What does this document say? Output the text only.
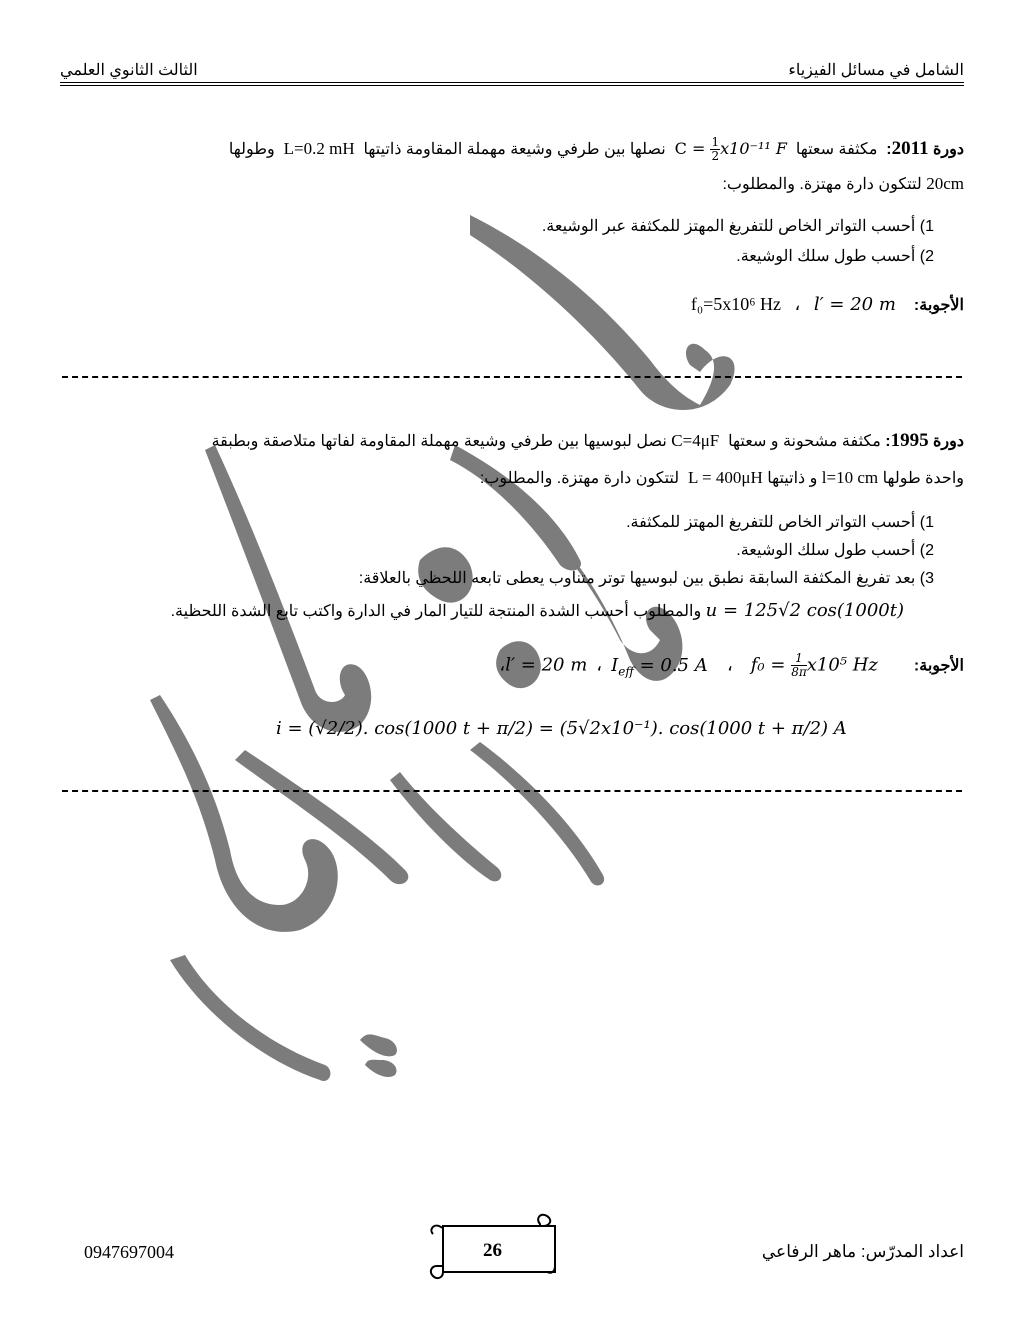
الشامل في مسائل الفيزياء
الثالث الثانوي العلمي
دورة 2011:  مكثفة سعتها  $C = \frac{1}{2} x10^{-11}$ F  نصلها بين طرفي وشيعة مهملة المقاومة ذاتيتها  L=0.2 mH  وطولها
20cm لتتكون دارة مهتزة. والمطلوب:
1) أحسب التواتر الخاص للتفريغ المهتز للمكثفة عبر الوشيعة.
2) أحسب طول سلك الوشيعة.
الأجوبة:    f₀=5x10⁶ Hz ، l′ = 20 m
دورة 1995: مكثفة مشحونة و سعتها  C=4μF نصل لبوسيها بين طرفي وشيعة مهملة المقاومة لفاتها متلاصقة وبطبقة
واحدة طولها l=10 cm و ذاتيتها L = 400μH  لتتكون دارة مهتزة. والمطلوب:
1) أحسب التواتر الخاص للتفريغ المهتز للمكثفة.
2) أحسب طول سلك الوشيعة.
3) بعد تفريغ المكثفة السابقة نطبق بين لبوسيها توتر متناوب يعطى تابعه اللحظي بالعلاقة:
u = 125√2 cos(1000t) والمطلوب أحسب الشدة المنتجة للتيار المار في الدارة واكتب تابع الشدة اللحظية.
الأجوبة:        $f_0 = \frac{1}{8\pi} x10^5$ Hz    ،   l′ = 20 m ، $I_{eff} = 0.5$ A ،
i = (√2/2). cos(1000 t + π/2) = (5√2x10⁻¹). cos(1000 t + π/2) A
0947697004	26	اعداد المدرّس: ماهر الرفاعي
